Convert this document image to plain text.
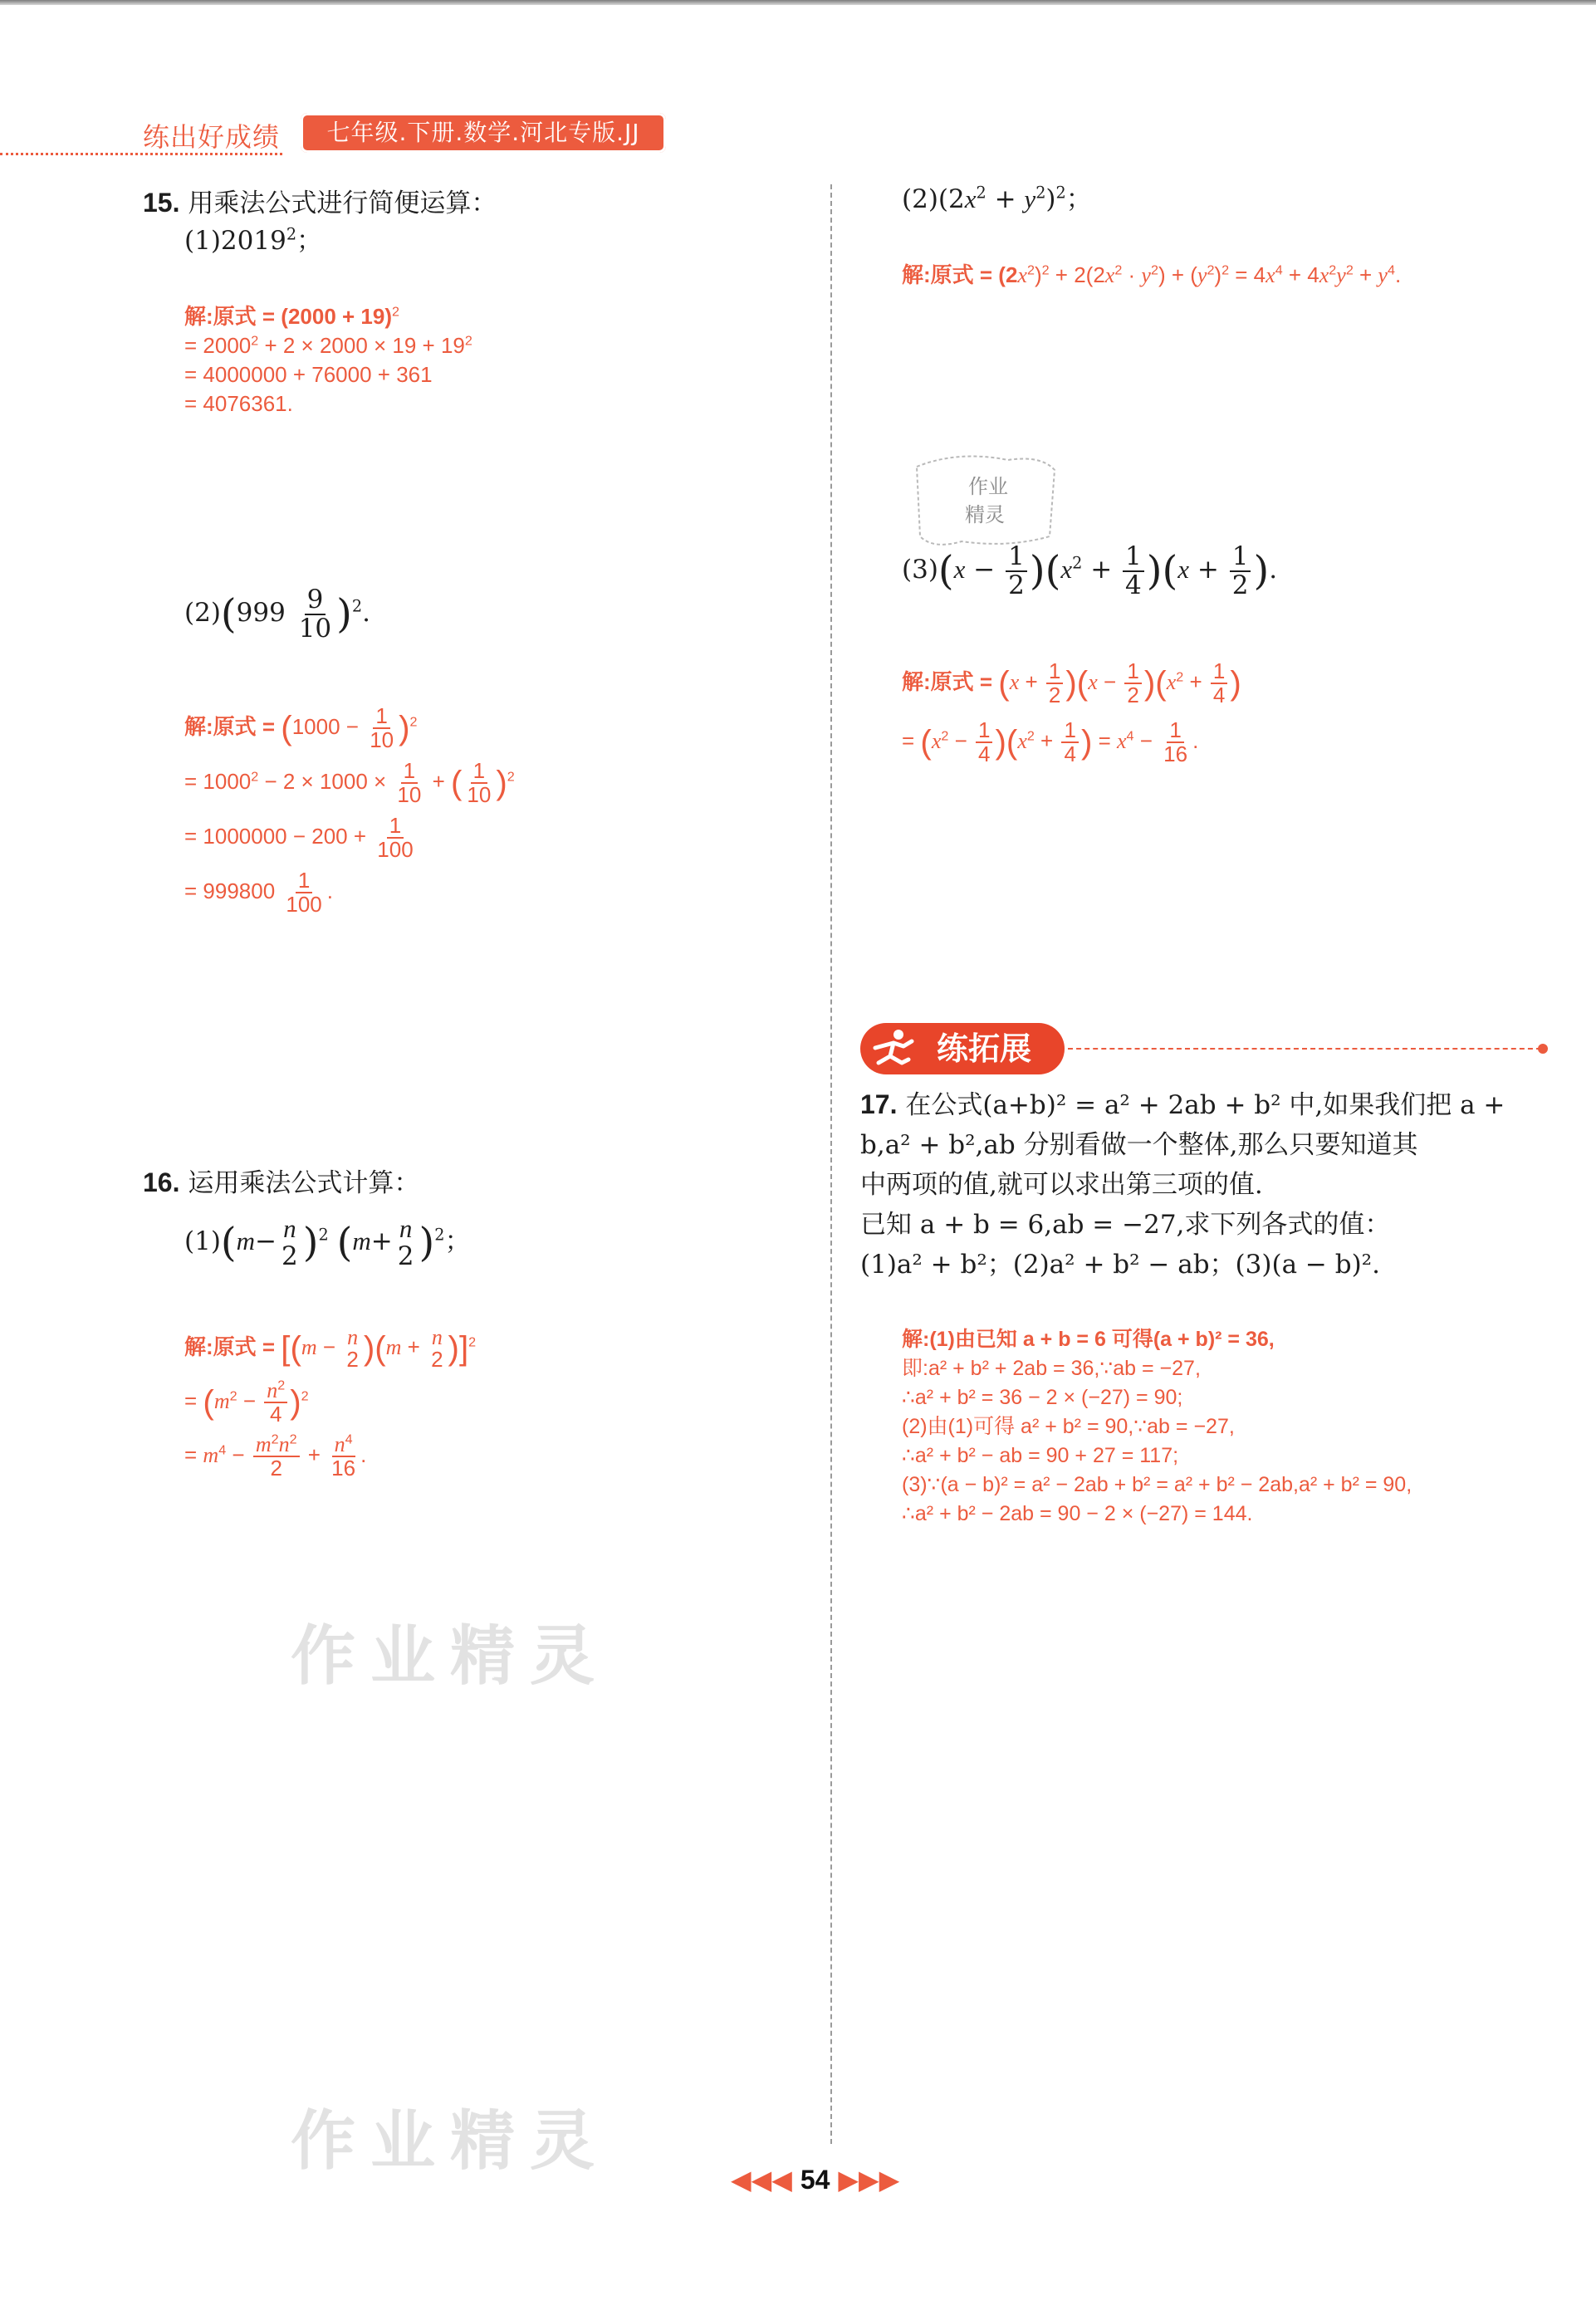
练出好成绩	七年级.下册.数学.河北专版.JJ
15. 用乘法公式进行简便运算：
(1)2019$^2$；
解:原式 = $(2000 + 19)^2$
= $2000^2 + 2 \times 2000 \times 19 + 19^2$
= 4000000 + 76000 + 361
= 4076361.
$(2)(999 \frac{9}{10} )^2$.
解:原式 = $(1000 - \frac{1}{10} )^2$
= $1000^2 - 2 \times 1000 \times \frac{1}{10}$ + ( $\frac{1}{10} )^2$
= $1000000 - 200 + \frac{1}{100}$
= $999800 \frac{1}{100}$ .
16. 运用乘法公式计算：
(1)(m− n
2 )$^2$ (m+ n
2 )$^2$；
解:原式 = [(m − n
2 )(m + n
2 )]$^2$
= $(m^2 - \frac{n^2}{4} )^2$
= $m^4 - \frac{m^2n^2}{2} + \frac{n^4}{16}$ .
作业精灵
作业精灵
$(2)(2x^2 + y^2)^2$；
解:原式 = $(2x^2)^2 + 2(2x^2 \cdot y^2) + (y^2)^2 = 4x^4 + 4x^2y^2 + y^4$.
作业
精灵
$(3)(x - \frac{1}{2} )(x^2 + \frac{1}{4} )(x + \frac{1}{2}$ ).
解:原式 = $(x + \frac{1}{2} )(x - \frac{1}{2} )(x^2 + \frac{1}{4}$ )
= $(x^2 - \frac{1}{4} )(x^2 + \frac{1}{4}$ ) = $x^4 - \frac{1}{16}$ .
练拓展
17. 在公式(a+b)² = a² + 2ab + b² 中,如果我们把 a +
b,a² + b²,ab 分别看做一个整体,那么只要知道其
中两项的值,就可以求出第三项的值.
已知 a + b = 6,ab = −27,求下列各式的值：
(1)a² + b²；(2)a² + b² − ab；(3)(a − b)².
解:(1)由已知 a + b = 6 可得(a + b)² = 36,
即:a² + b² + 2ab = 36,∵ab = −27,
∴a² + b² = 36 − 2 × (−27) = 90;
(2)由(1)可得 a² + b² = 90,∵ab = −27,
∴a² + b² − ab = 90 + 27 = 117;
(3)∵(a − b)² = a² − 2ab + b² = a² + b² − 2ab,a² + b² = 90,
∴a² + b² − 2ab = 90 − 2 × (−27) = 144.
◀◀◀ 54 ▶▶▶
